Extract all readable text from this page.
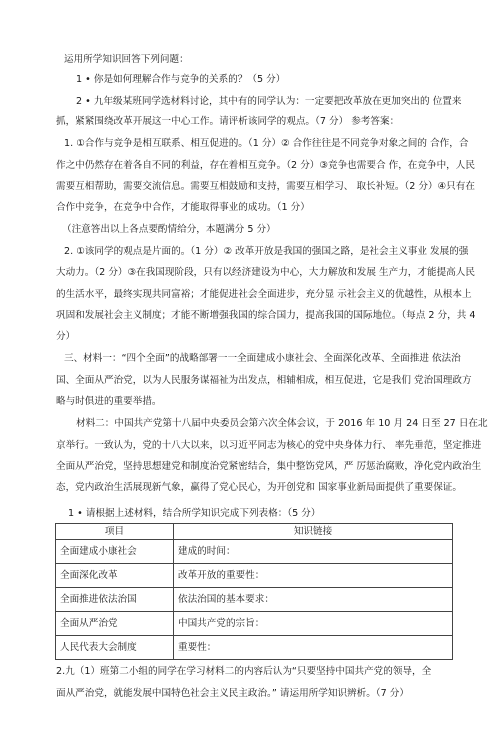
运用所学知识回答下列问题：
1 • 你是如何理解合作与竞争的关系的？（5 分）
2 • 九年级某班同学选材料讨论，其中有的同学认为：一定要把改革放在更加突出的 位置来
抓，紧紧围绕改革开展这一中心工作。请评析该同学的观点。（7 分） 参考答案：
1. ①合作与竞争是相互联系、相互促进的。（1 分）② 合作往往是不同竞争对象之间的 合作，合
作之中仍然存在着各自不同的利益，存在着相互竞争。（2 分）③竞争也需要合 作，在竞争中，人民
需要互相帮助，需要交流信息。需要互相鼓励和支持，需要互相学习、 取长补短。（2 分）④只有在
合作中竞争，在竞争中合作，才能取得事业的成功。（1 分）
（注意答出以上各点要酌情给分，本题满分 5 分）
2. ①该同学的观点是片面的。（1 分）② 改革开放是我国的强国之路，是社会主义事业 发展的强
大动力。（2 分）③在我国现阶段，只有以经济建设为中心，大力解放和发展 生产力，才能提高人民
的生活水平，最终实现共同富裕；才能促进社会全面进步，充分显 示社会主义的优越性，从根本上
巩固和发展社会主义制度；才能不断增强我国的综合国力，提高我国的国际地位。（每点 2 分，共 4
分）
三、材料一：“四个全面”的战略部署一一全面建成小康社会、全面深化改革、全面推进 依法治
国、全面从严治党，以为人民服务谋福祉为出发点，相辅相成，相互促进，它是我们 党治国理政方
略与时俱进的重要举措。
材料二：中国共产党第十八届中央委员会第六次全体会议，于 2016 年 10 月 24 日至 27 日在北
京举行。一致认为，党的十八大以来，以习近平同志为核心的党中央身体力行、 率先垂范，坚定推进
全面从严治党，坚持思想建党和制度治党紧密结合，集中整饬党风，严 厉惩治腐败，净化党内政治生
态，党内政治生活展现新气象，赢得了党心民心，为开创党和 国家事业新局面提供了重要保证。
1 • 请根据上述材料，结合所学知识完成下列表格：（5 分）
项目	知识链接
全面建成小康社会	建成的时间：
全面深化改革	改革开放的重要性：
全面推进依法治国	依法治国的基本要求：
全面从严治党	中国共产党的宗旨：
人民代表大会制度	重要性：
2.九（1）班第二小组的同学在学习材料二的内容后认为“只要坚持中国共产党的领导，全
面从严治党，就能发展中国特色社会主义民主政治。” 请运用所学知识辨析。（7 分）
